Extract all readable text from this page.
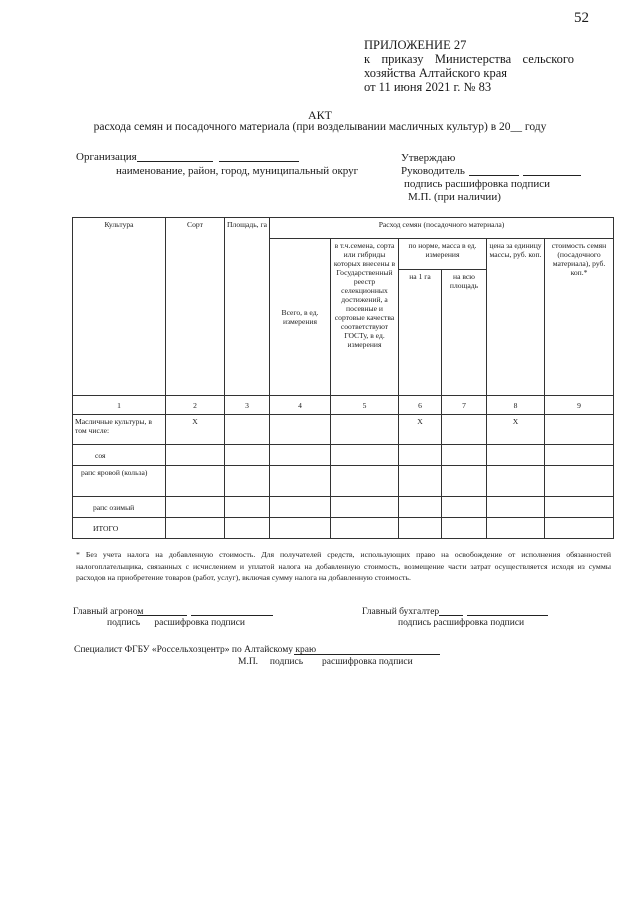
52
ПРИЛОЖЕНИЕ 27
к приказу Министерства сельского
хозяйства Алтайского края
от 11 июня 2021 г. № 83
АКТ
расхода семян и посадочного материала (при возделывании масличных культур) в 20__ году
Организация
наименование, район, город, муниципальный округ
Утверждаю
Руководитель
подпись расшифровка подписи
М.П. (при наличии)
Культура	Сорт	Площадь, га	Расход семян (посадочного материала)					
			Всего, в ед. измерения	в т.ч.семена, сорта или гибриды которых внесены в Государственный реестр селекционных достижений, а посевные и сортовые качества соответствуют ГОСТу, в ед. измерения	по норме, масса в ед. измерения		цена за единицу массы, руб. коп.	стоимость семян (посадочного материала), руб. коп.*
					на 1 га	на всю площадь		

1	2	3	4	5	6	7	8	9
Масличные культуры, в том числе:	Х				Х		Х	
соя								
рапс яровой (кольза)								
рапс озимый								
ИТОГО								
* Без учета налога на добавленную стоимость. Для получателей средств, использующих право на освобождение от исполнения обязанностей налогоплательщика, связанных с исчислением и уплатой налога на добавленную стоимость, возмещение части затрат осуществляется исходя из суммы расходов на приобретение товаров (работ, услуг), включая сумму налога на добавленную стоимость.
Главный агроном
подпись      расшифровка подписи
Главный бухгалтер
подпись расшифровка подписи
Специалист ФГБУ «Россельхозцентр» по Алтайскому краю
М.П.     подпись        расшифровка подписи
